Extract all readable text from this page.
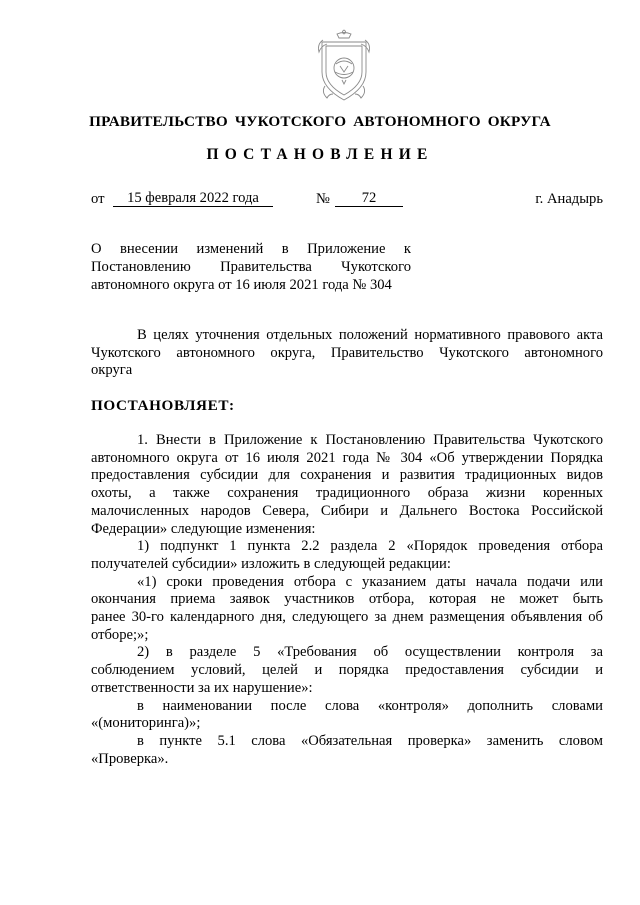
ПРАВИТЕЛЬСТВО ЧУКОТСКОГО АВТОНОМНОГО ОКРУГА
ПОСТАНОВЛЕНИЕ
от	15 февраля 2022 года	№	72	г. Анадырь
О внесении изменений в Приложение к
Постановлению Правительства Чукотского
автономного округа от 16 июля 2021 года № 304
В целях уточнения отдельных положений нормативного правового акта
Чукотского автономного округа, Правительство Чукотского автономного
округа
ПОСТАНОВЛЯЕТ:
1. Внести в Приложение к Постановлению Правительства Чукотского
автономного округа от 16 июля 2021 года № 304 «Об утверждении Порядка
предоставления субсидии для сохранения и развития традиционных видов
охоты, а также сохранения традиционного образа жизни коренных
малочисленных народов Севера, Сибири и Дальнего Востока Российской
Федерации» следующие изменения:
1) подпункт 1 пункта 2.2 раздела 2 «Порядок проведения отбора
получателей субсидии» изложить в следующей редакции:
«1) сроки проведения отбора с указанием даты начала подачи или
окончания приема заявок участников отбора, которая не может быть
ранее 30-го календарного дня, следующего за днем размещения объявления об
отборе;»;
2) в разделе 5 «Требования об осуществлении контроля за
соблюдением условий, целей и порядка предоставления субсидии и
ответственности за их нарушение»:
в наименовании после слова «контроля» дополнить словами
«(мониторинга)»;
в пункте 5.1 слова «Обязательная проверка» заменить словом
«Проверка».
